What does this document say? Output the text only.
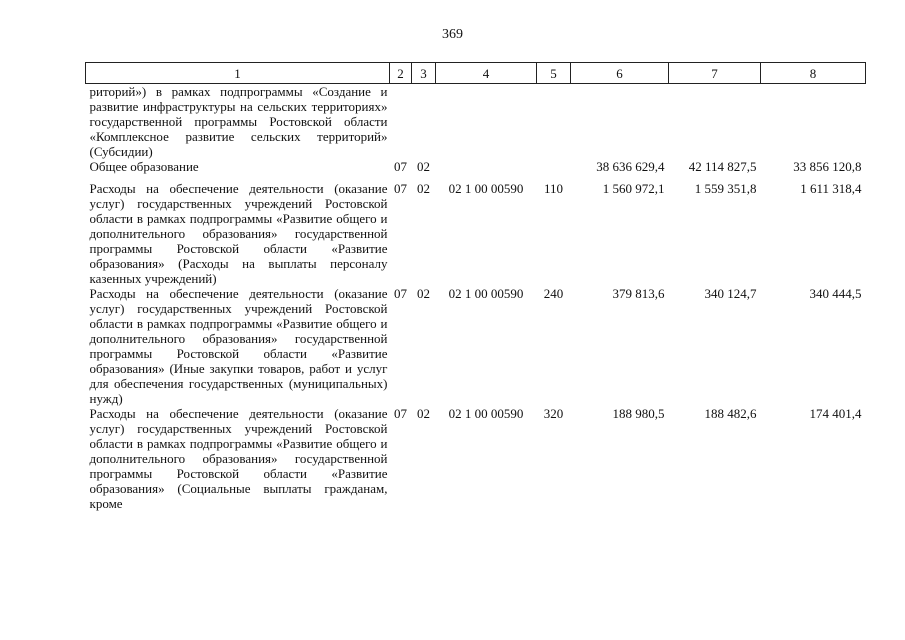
369
1	2	3	4	5	6	7	8
риторий») в рамках подпрограммы «Создание и развитие инфраструктуры на сельских территориях» государственной программы Ростовской области «Комплексное развитие сельских территорий» (Субсидии)							
Общее образование	07	02			38 636 629,4	42 114 827,5	33 856 120,8
Расходы на обеспечение деятельности (оказание услуг) государственных учреждений Ростовской области в рамках подпрограммы «Развитие общего и дополнительного образования» государственной программы Ростовской области «Развитие образования» (Расходы на выплаты персоналу казенных учреждений)	07	02	02 1 00 00590	110	1 560 972,1	1 559 351,8	1 611 318,4
Расходы на обеспечение деятельности (оказание услуг) государственных учреждений Ростовской области в рамках подпрограммы «Развитие общего и дополнительного образования» государственной программы Ростовской области «Развитие образования» (Иные закупки товаров, работ и услуг для обеспечения государственных (муниципальных) нужд)	07	02	02 1 00 00590	240	379 813,6	340 124,7	340 444,5
Расходы на обеспечение деятельности (оказание услуг) государственных учреждений Ростовской области в рамках подпрограммы «Развитие общего и дополнительного образования» государственной программы Ростовской области «Развитие образования» (Социальные выплаты гражданам, кроме	07	02	02 1 00 00590	320	188 980,5	188 482,6	174 401,4
